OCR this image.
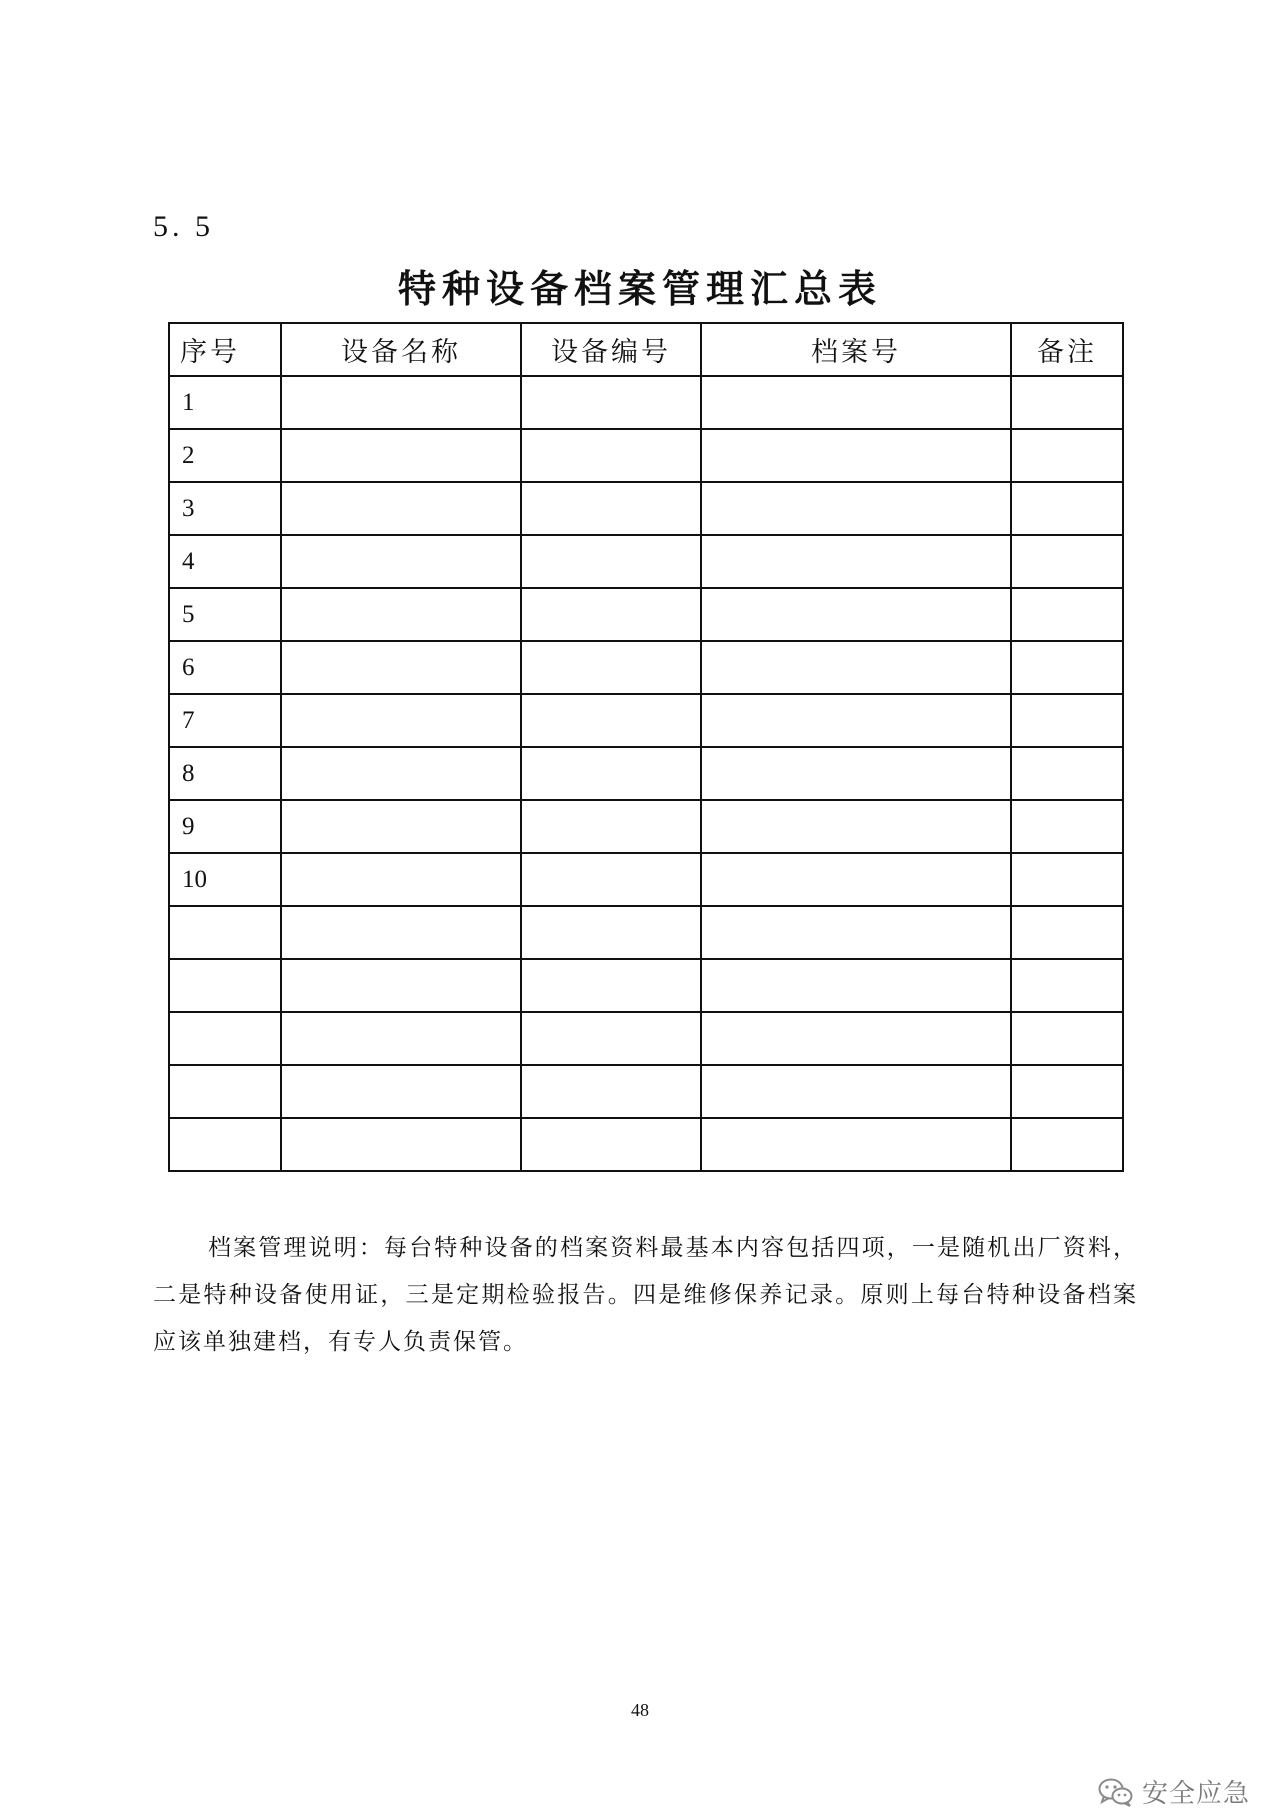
5. 5
特种设备档案管理汇总表
序号	设备名称	设备编号	档案号	备注
1				
2				
3				
4				
5				
6				
7				
8				
9				
10				

档案管理说明：每台特种设备的档案资料最基本内容包括四项，一是随机出厂资料，二是特种设备使用证，三是定期检验报告。四是维修保养记录。原则上每台特种设备档案应该单独建档，有专人负责保管。
48
安全应急
